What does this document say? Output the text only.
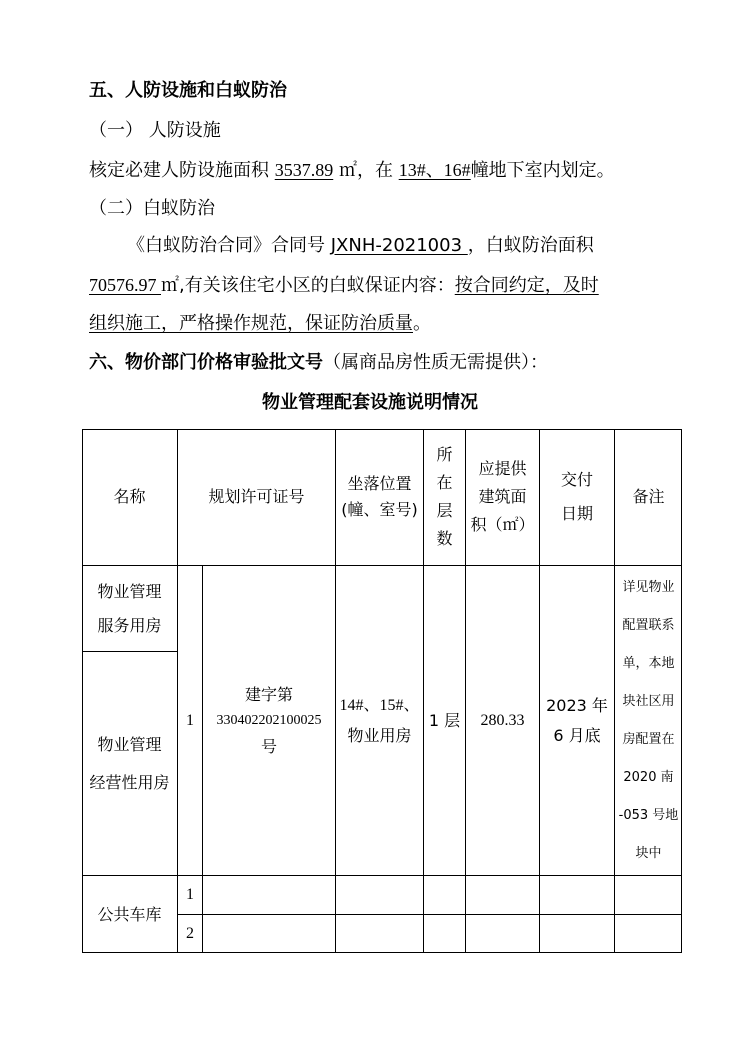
五、人防设施和白蚁防治
（一） 人防设施
核定必建人防设施面积 3537.89 ㎡，在 13#、16#幢地下室内划定。
（二）白蚁防治
《白蚁防治合同》合同号 JXNH-2021003 ，白蚁防治面积
70576.97 ㎡,有关该住宅小区的白蚁保证内容：按合同约定，及时
组织施工，严格操作规范，保证防治质量。
六、物价部门价格审验批文号（属商品房性质无需提供）：
物业管理配套设施说明情况
名称	规划许可证号
坐落位置
(幢、室号)
所
在
层
数
应提供
建筑面
积（㎡）
交付
日期
备注
物业管理
服务用房
物业管理
经营性用房
1
建字第
330402202100025
号
14#、15#、
物业用房
1 层	280.33
2023 年
6 月底
详见物业
配置联系
单，本地
块社区用
房配置在
2020 南
-053 号地
块中
公共车库
1
2
